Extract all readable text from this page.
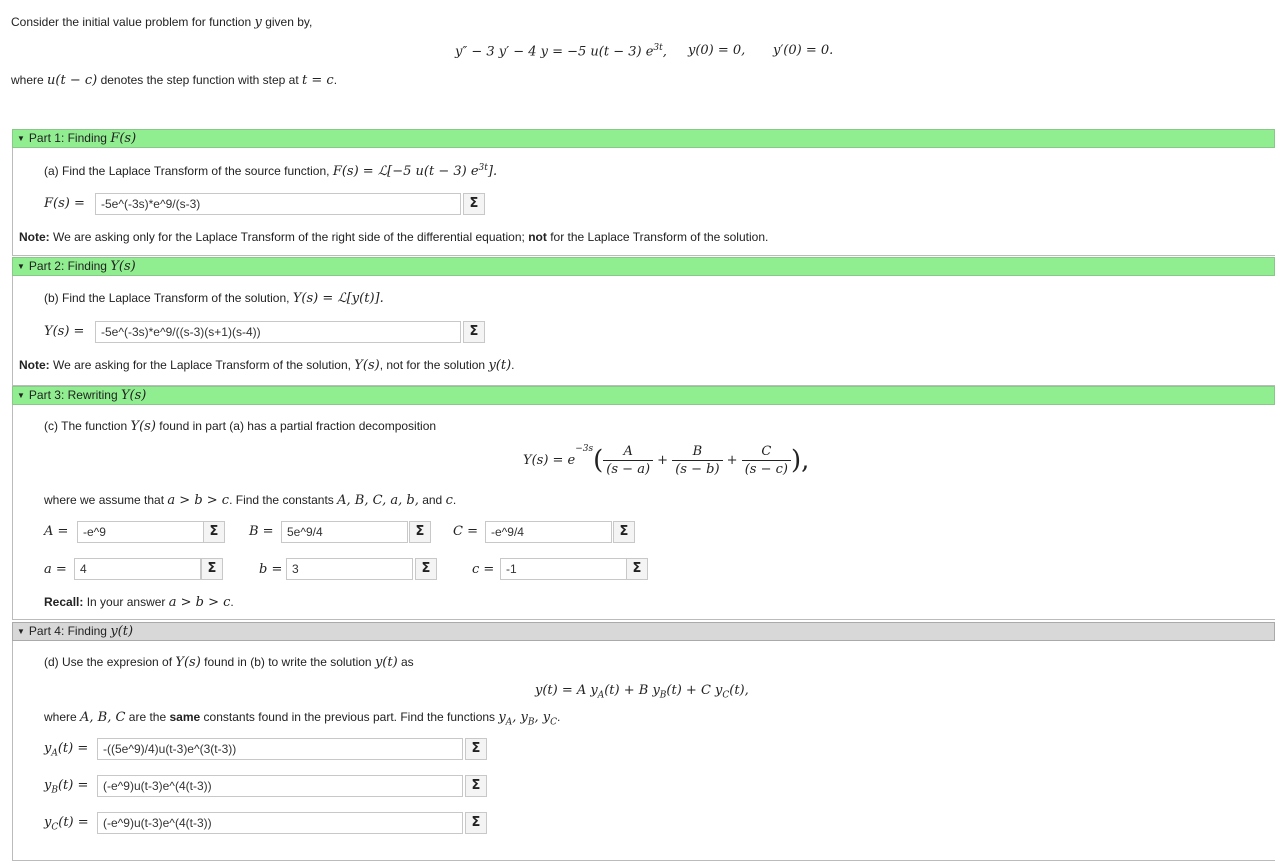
Consider the initial value problem for function y given by,
y″ − 3 y′ − 4 y = −5 u(t − 3) $e^{3t}$, y(0) = 0, y′(0) = 0.
where u(t − c) denotes the step function with step at t = c.
▼ Part 1: Finding F(s)
(a) Find the Laplace Transform of the source function, F(s) = ℒ[−5 u(t − 3) $e^{3t}$].
F(s) =	-5e^(-3s)*e^9/(s-3)	Σ
Note: We are asking only for the Laplace Transform of the right side of the differential equation; not for the Laplace Transform of the solution.
▼ Part 2: Finding Y(s)
(b) Find the Laplace Transform of the solution, Y(s) = ℒ[y(t)].
Y(s) =	-5e^(-3s)*e^9/((s-3)(s+1)(s-4))	Σ
Note: We are asking for the Laplace Transform of the solution, Y(s), not for the solution y(t).
▼ Part 3: Rewriting Y(s)
(c) The function Y(s) found in part (a) has a partial fraction decomposition
$Y(s) = e^{-3s}( \frac{A}{(s - a)} + \frac{B}{(s - b)} + \frac{C}{(s - c)}$ ),
where we assume that a > b > c. Find the constants A, B, C, a, b, and c.
A =	-e^9	Σ	B =	5e^9/4	Σ	C =	-e^9/4	Σ
a =	4	Σ	b = 3	Σ	c = -1	Σ
Recall: In your answer a > b > c.
▼ Part 4: Finding y(t)
(d) Use the expresion of Y(s) found in (b) to write the solution y(t) as
y(t) = A $y_A(t) + B$ $y_B(t) + C$ $y_C(t)$,
where A, B, C are the same constants found in the previous part. Find the functions $y_A$, $y_B$, $y_C$.
$y_A(t)$ =	-((5e^9)/4)u(t-3)e^(3(t-3))	Σ
$y_B(t)$ =	(-e^9)u(t-3)e^(4(t-3))	Σ
$y_C(t)$ =	(-e^9)u(t-3)e^(4(t-3))	Σ
